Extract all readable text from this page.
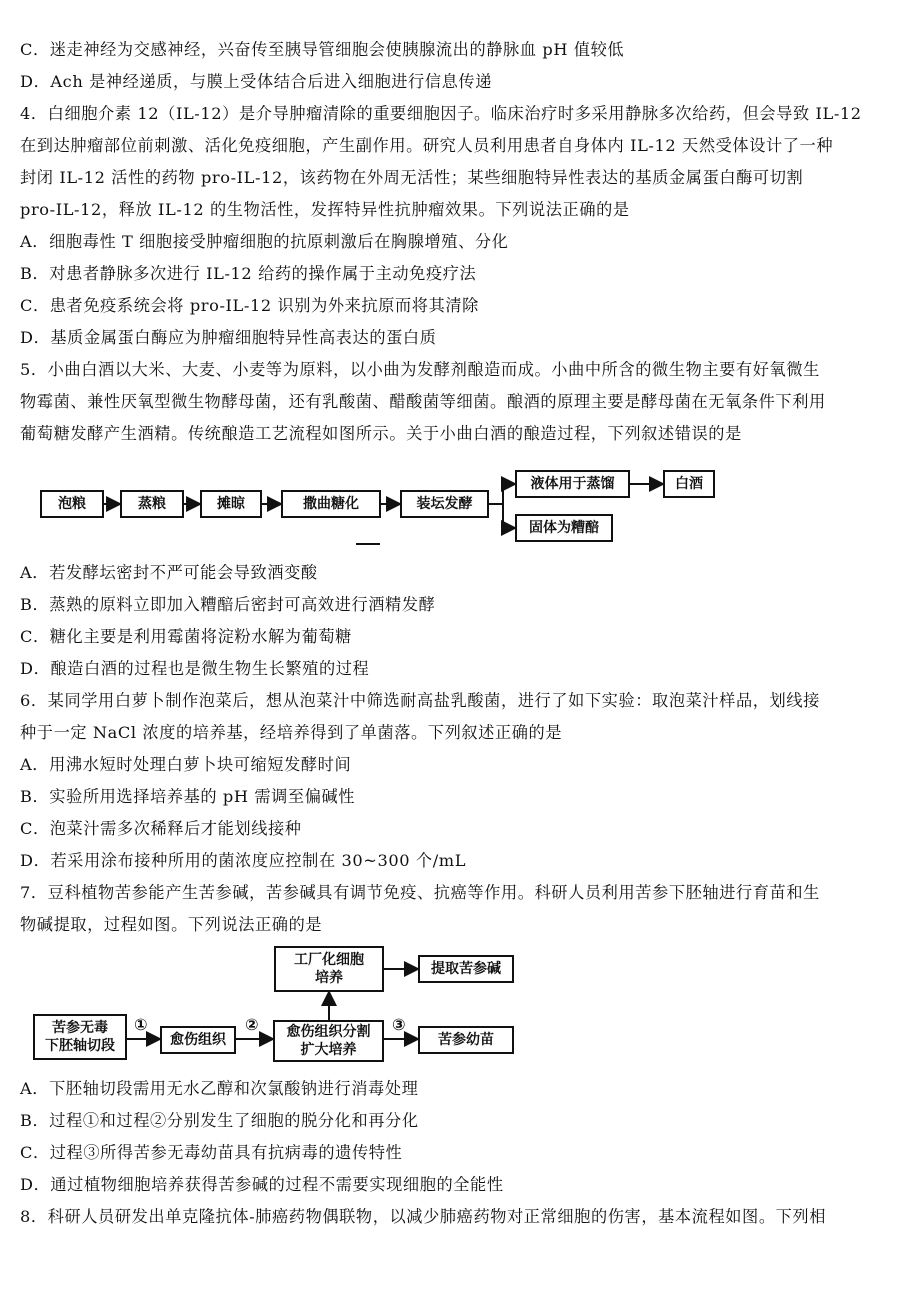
C．迷走神经为交感神经，兴奋传至胰导管细胞会使胰腺流出的静脉血 pH 值较低
D．Ach 是神经递质，与膜上受体结合后进入细胞进行信息传递
4．白细胞介素 12（IL-12）是介导肿瘤清除的重要细胞因子。临床治疗时多采用静脉多次给药，但会导致 IL-12
在到达肿瘤部位前刺激、活化免疫细胞，产生副作用。研究人员利用患者自身体内 IL-12 天然受体设计了一种
封闭 IL-12 活性的药物 pro-IL-12，该药物在外周无活性；某些细胞特异性表达的基质金属蛋白酶可切割
pro-IL-12，释放 IL-12 的生物活性，发挥特异性抗肿瘤效果。下列说法正确的是
A．细胞毒性 T 细胞接受肿瘤细胞的抗原刺激后在胸腺增殖、分化
B．对患者静脉多次进行 IL-12 给药的操作属于主动免疫疗法
C．患者免疫系统会将 pro-IL-12 识别为外来抗原而将其清除
D．基质金属蛋白酶应为肿瘤细胞特异性高表达的蛋白质
5．小曲白酒以大米、大麦、小麦等为原料，以小曲为发酵剂酿造而成。小曲中所含的微生物主要有好氧微生
物霉菌、兼性厌氧型微生物酵母菌，还有乳酸菌、醋酸菌等细菌。酿酒的原理主要是酵母菌在无氧条件下利用
葡萄糖发酵产生酒精。传统酿造工艺流程如图所示。关于小曲白酒的酿造过程，下列叙述错误的是
泡粮	蒸粮	摊晾	撒曲糖化	装坛发酵
液体用于蒸馏	白酒
固体为糟醅
A．若发酵坛密封不严可能会导致酒变酸
B．蒸熟的原料立即加入糟醅后密封可高效进行酒精发酵
C．糖化主要是利用霉菌将淀粉水解为葡萄糖
D．酿造白酒的过程也是微生物生长繁殖的过程
6．某同学用白萝卜制作泡菜后，想从泡菜汁中筛选耐高盐乳酸菌，进行了如下实验：取泡菜汁样品，划线接
种于一定 NaCl 浓度的培养基，经培养得到了单菌落。下列叙述正确的是
A．用沸水短时处理白萝卜块可缩短发酵时间
B．实验所用选择培养基的 pH 需调至偏碱性
C．泡菜汁需多次稀释后才能划线接种
D．若采用涂布接种所用的菌浓度应控制在 30~300 个/mL
7．豆科植物苦参能产生苦参碱，苦参碱具有调节免疫、抗癌等作用。科研人员利用苦参下胚轴进行育苗和生
物碱提取，过程如图。下列说法正确的是
苦参无毒
下胚轴切段
①
愈伤组织
② 愈伤组织分割
扩大培养
③
苦参幼苗
工厂化细胞
培养
提取苦参碱
A．下胚轴切段需用无水乙醇和次氯酸钠进行消毒处理
B．过程①和过程②分别发生了细胞的脱分化和再分化
C．过程③所得苦参无毒幼苗具有抗病毒的遗传特性
D．通过植物细胞培养获得苦参碱的过程不需要实现细胞的全能性
8．科研人员研发出单克隆抗体-肺癌药物偶联物，以减少肺癌药物对正常细胞的伤害，基本流程如图。下列相
